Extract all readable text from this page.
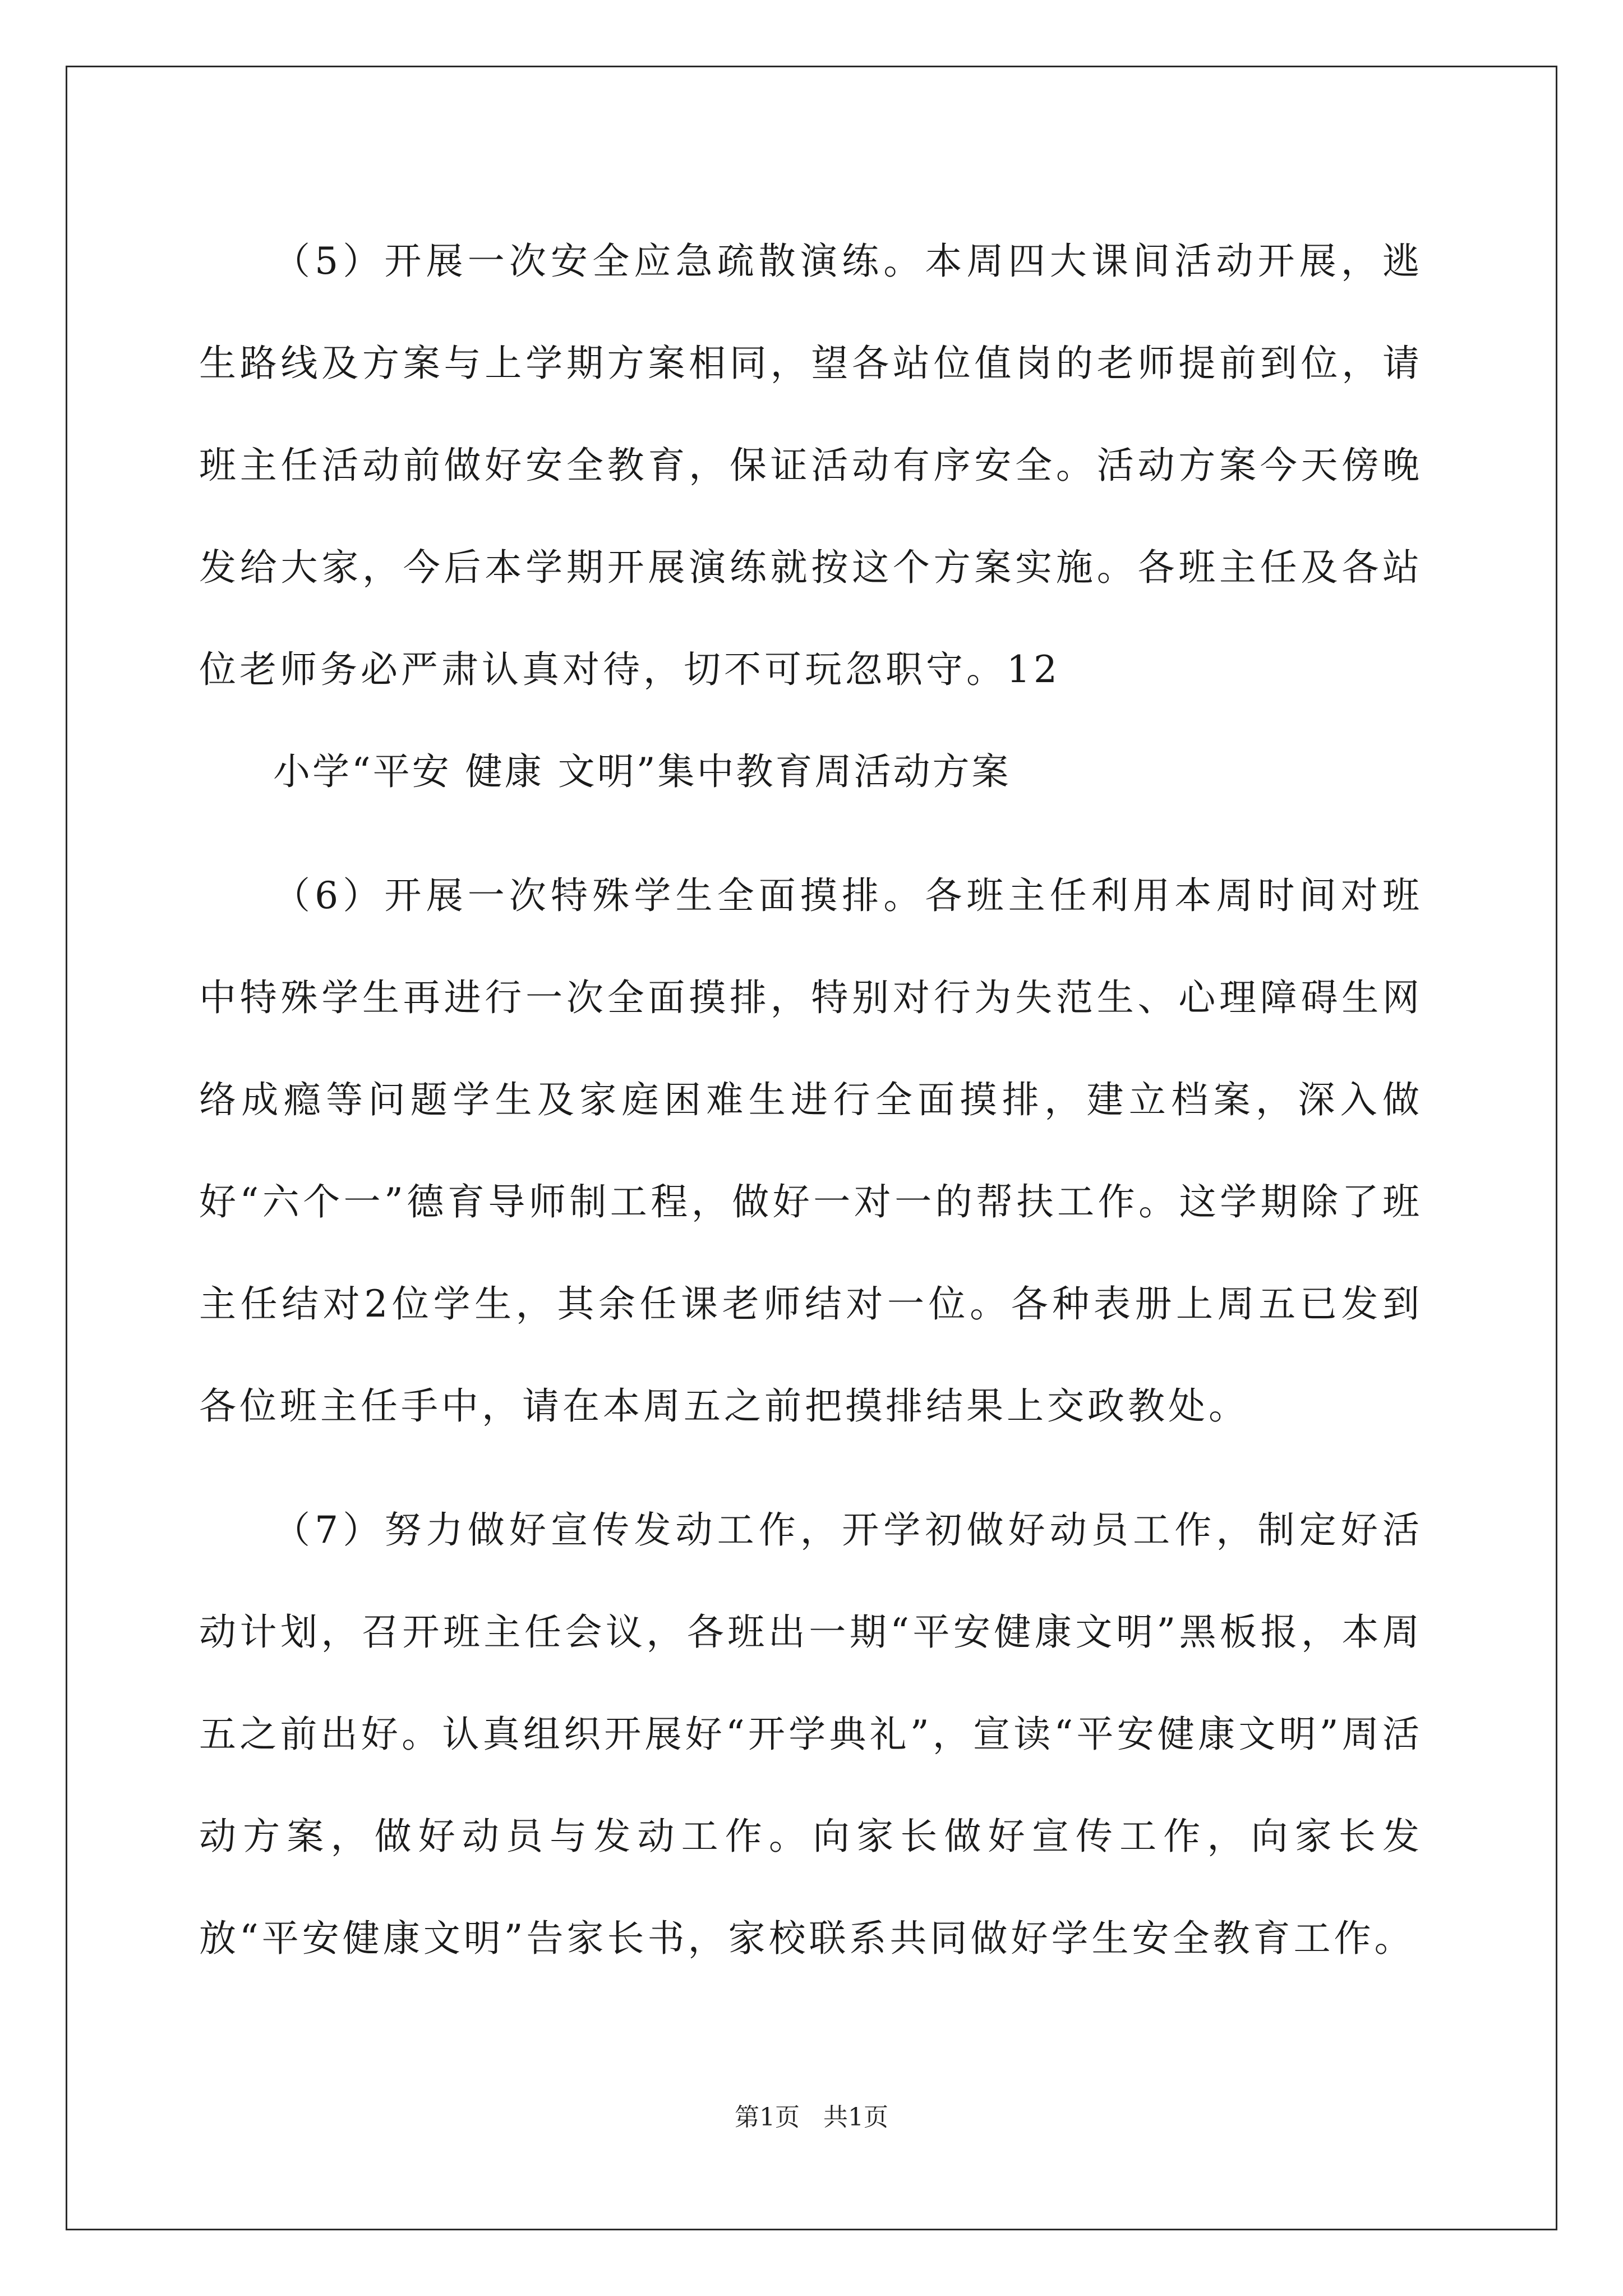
（5）开展一次安全应急疏散演练。本周四大课间活动开展，逃生路线及方案与上学期方案相同，望各站位值岗的老师提前到位，请班主任活动前做好安全教育，保证活动有序安全。活动方案今天傍晚发给大家，今后本学期开展演练就按这个方案实施。各班主任及各站位老师务必严肃认真对待，切不可玩忽职守。12

小学“平安 健康 文明”集中教育周活动方案

（6）开展一次特殊学生全面摸排。各班主任利用本周时间对班中特殊学生再进行一次全面摸排，特别对行为失范生、心理障碍生网络成瘾等问题学生及家庭困难生进行全面摸排，建立档案，深入做好“六个一”德育导师制工程，做好一对一的帮扶工作。这学期除了班主任结对2位学生，其余任课老师结对一位。各种表册上周五已发到各位班主任手中，请在本周五之前把摸排结果上交政教处。

（7）努力做好宣传发动工作，开学初做好动员工作，制定好活动计划，召开班主任会议，各班出一期“平安健康文明”黑板报，本周五之前出好。认真组织开展好“开学典礼”，宣读“平安健康文明”周活动方案，做好动员与发动工作。向家长做好宣传工作，向家长发放“平安健康文明”告家长书，家校联系共同做好学生安全教育工作。

第1页 共1页
